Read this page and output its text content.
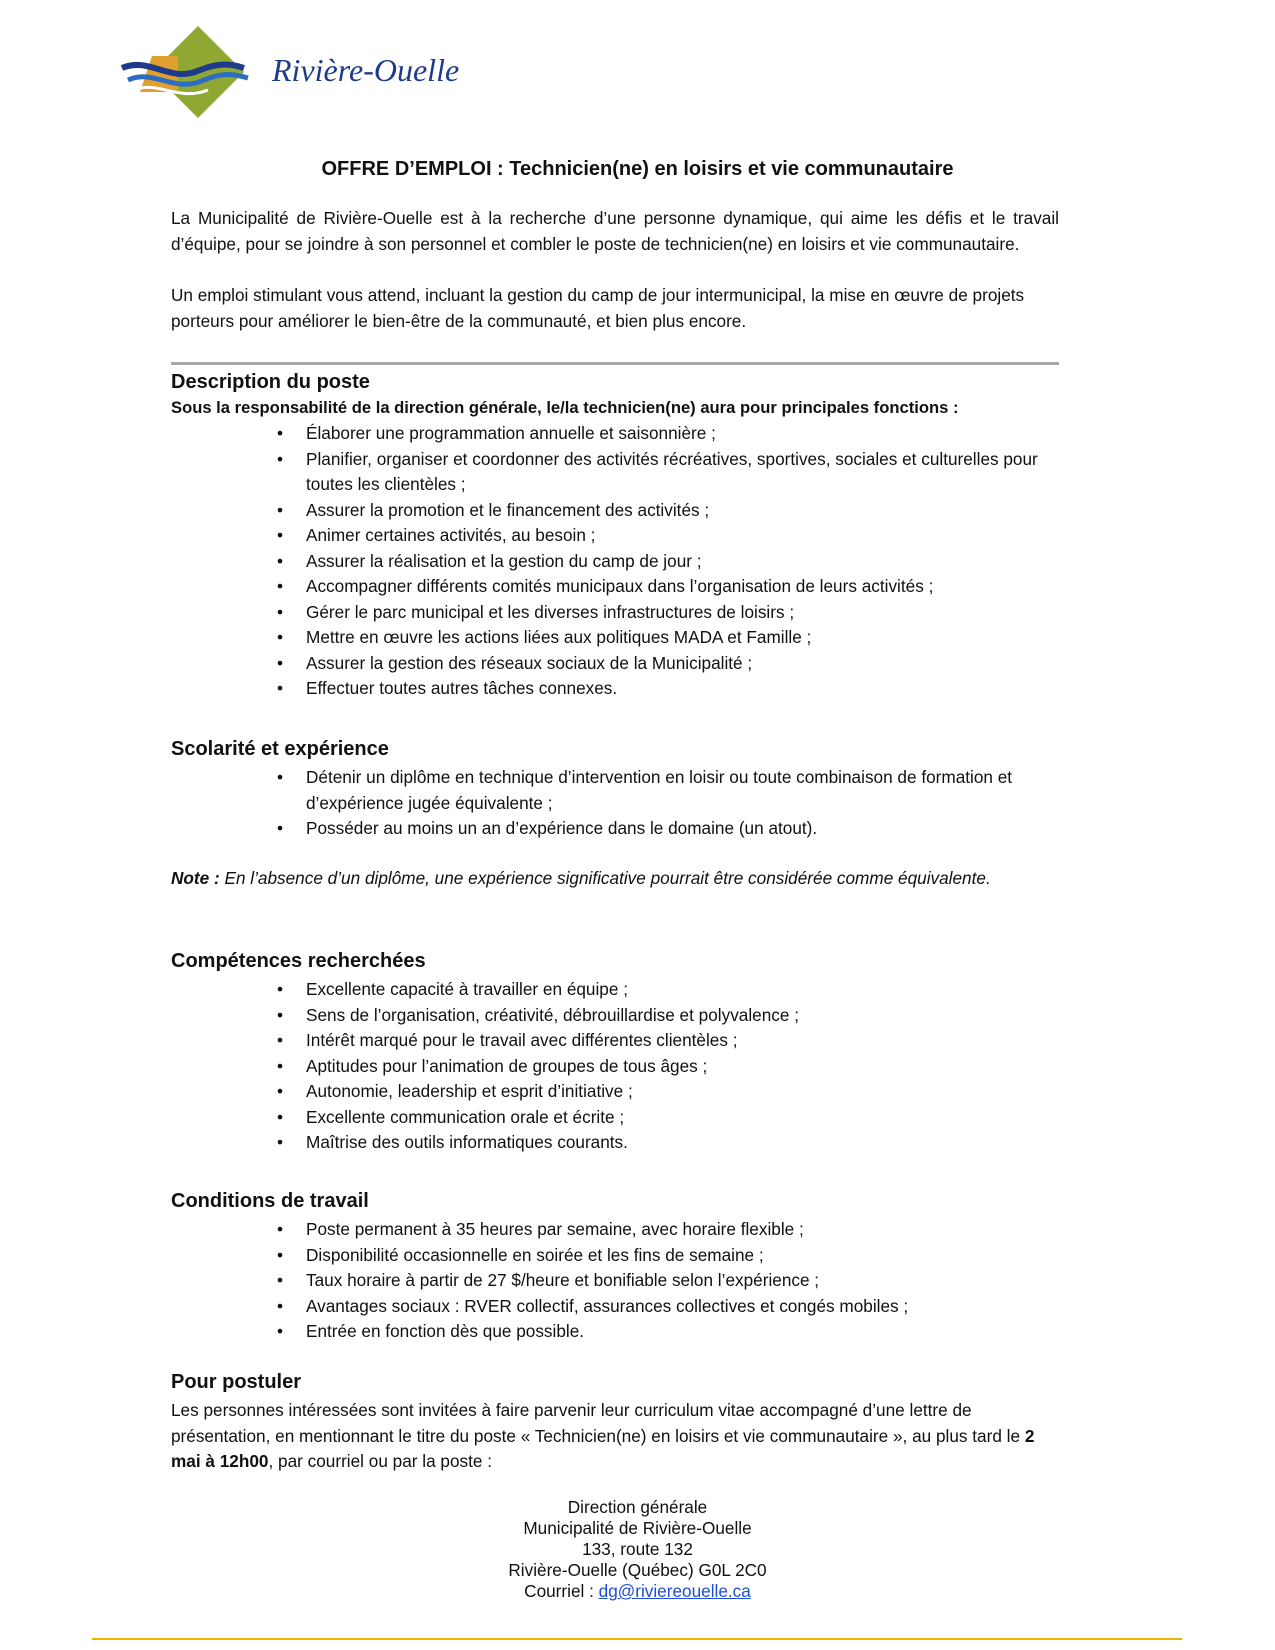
Rivière-Ouelle
OFFRE D’EMPLOI : Technicien(ne) en loisirs et vie communautaire
La Municipalité de Rivière-Ouelle est à la recherche d’une personne dynamique, qui aime les défis et le travail d’équipe, pour se joindre à son personnel et combler le poste de technicien(ne) en loisirs et vie communautaire.
Un emploi stimulant vous attend, incluant la gestion du camp de jour intermunicipal, la mise en œuvre de projets porteurs pour améliorer le bien-être de la communauté, et bien plus encore.
Description du poste
Sous la responsabilité de la direction générale, le/la technicien(ne) aura pour principales fonctions :
• Élaborer une programmation annuelle et saisonnière ;
• Planifier, organiser et coordonner des activités récréatives, sportives, sociales et culturelles pour toutes les clientèles ;
• Assurer la promotion et le financement des activités ;
• Animer certaines activités, au besoin ;
• Assurer la réalisation et la gestion du camp de jour ;
• Accompagner différents comités municipaux dans l’organisation de leurs activités ;
• Gérer le parc municipal et les diverses infrastructures de loisirs ;
• Mettre en œuvre les actions liées aux politiques MADA et Famille ;
• Assurer la gestion des réseaux sociaux de la Municipalité ;
• Effectuer toutes autres tâches connexes.
Scolarité et expérience
• Détenir un diplôme en technique d’intervention en loisir ou toute combinaison de formation et d’expérience jugée équivalente ;
• Posséder au moins un an d’expérience dans le domaine (un atout).
Note : En l’absence d’un diplôme, une expérience significative pourrait être considérée comme équivalente.
Compétences recherchées
• Excellente capacité à travailler en équipe ;
• Sens de l’organisation, créativité, débrouillardise et polyvalence ;
• Intérêt marqué pour le travail avec différentes clientèles ;
• Aptitudes pour l’animation de groupes de tous âges ;
• Autonomie, leadership et esprit d’initiative ;
• Excellente communication orale et écrite ;
• Maîtrise des outils informatiques courants.
Conditions de travail
• Poste permanent à 35 heures par semaine, avec horaire flexible ;
• Disponibilité occasionnelle en soirée et les fins de semaine ;
• Taux horaire à partir de 27 $/heure et bonifiable selon l’expérience ;
• Avantages sociaux : RVER collectif, assurances collectives et congés mobiles ;
• Entrée en fonction dès que possible.
Pour postuler
Les personnes intéressées sont invitées à faire parvenir leur curriculum vitae accompagné d’une lettre de présentation, en mentionnant le titre du poste « Technicien(ne) en loisirs et vie communautaire », au plus tard le 2 mai à 12h00, par courriel ou par la poste :
Direction générale
Municipalité de Rivière-Ouelle
133, route 132
Rivière-Ouelle (Québec) G0L 2C0
Courriel : dg@riviereouelle.ca
